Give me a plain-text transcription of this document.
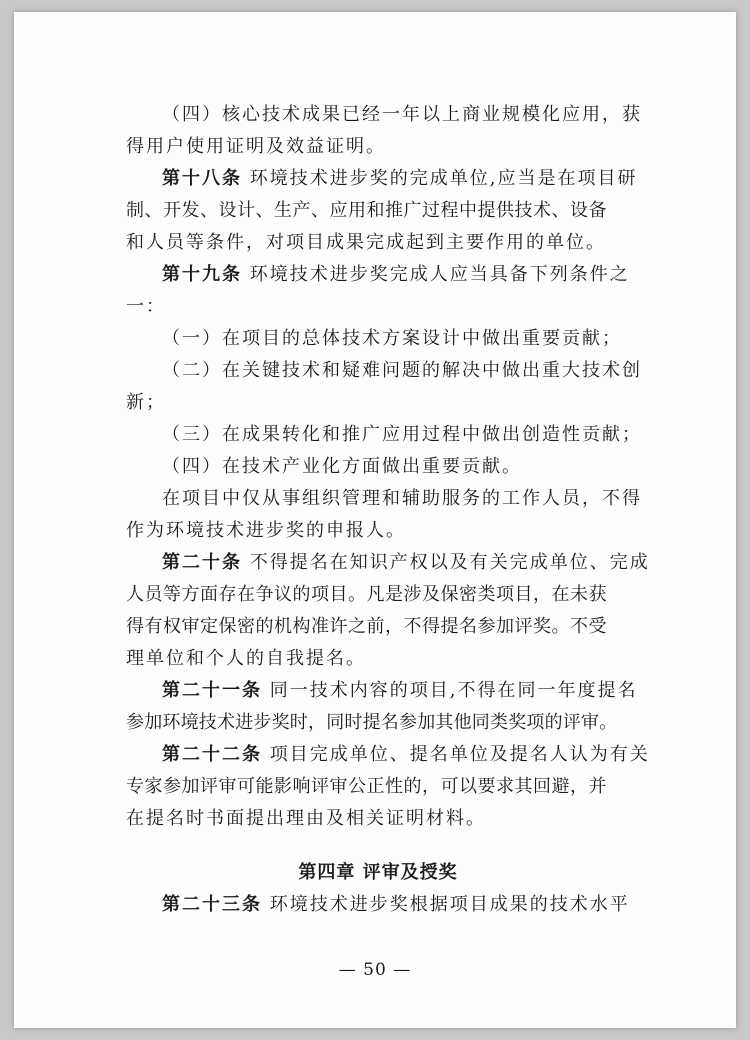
（四）核心技术成果已经一年以上商业规模化应用，获

得用户使用证明及效益证明。

第十八条 环境技术进步奖的完成单位,应当是在项目研

制、开发、设计、生产、应用和推广过程中提供技术、设备

和人员等条件，对项目成果完成起到主要作用的单位。

第十九条 环境技术进步奖完成人应当具备下列条件之

一：

（一）在项目的总体技术方案设计中做出重要贡献；

（二）在关键技术和疑难问题的解决中做出重大技术创

新；

（三）在成果转化和推广应用过程中做出创造性贡献；

（四）在技术产业化方面做出重要贡献。

在项目中仅从事组织管理和辅助服务的工作人员，不得

作为环境技术进步奖的申报人。

第二十条 不得提名在知识产权以及有关完成单位、完成

人员等方面存在争议的项目。凡是涉及保密类项目，在未获

得有权审定保密的机构准许之前，不得提名参加评奖。不受

理单位和个人的自我提名。

第二十一条 同一技术内容的项目,不得在同一年度提名

参加环境技术进步奖时，同时提名参加其他同类奖项的评审。

第二十二条 项目完成单位、提名单位及提名人认为有关

专家参加评审可能影响评审公正性的，可以要求其回避，并

在提名时书面提出理由及相关证明材料。

第四章 评审及授奖

第二十三条 环境技术进步奖根据项目成果的技术水平

— 50 —
